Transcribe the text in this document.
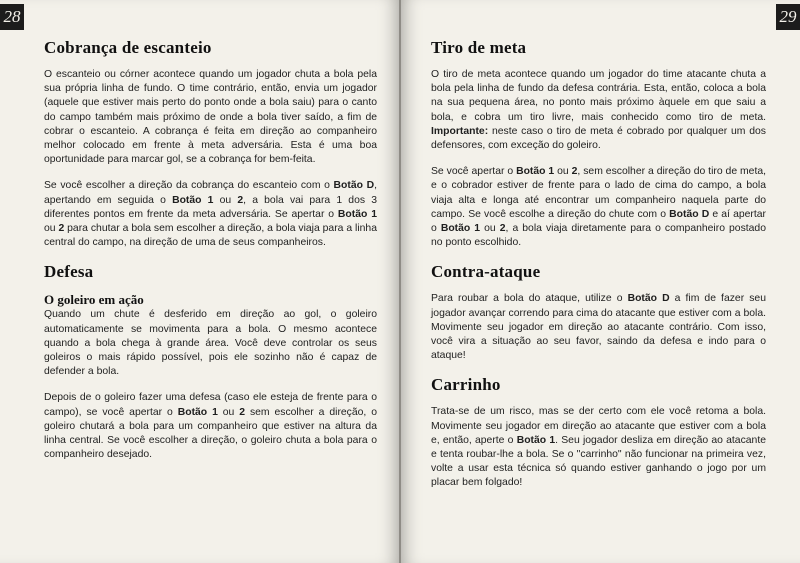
28
Cobrança de escanteio

O escanteio ou córner acontece quando um jogador chuta a bola pela sua própria linha de fundo. O time contrário, então, envia um jogador (aquele que estiver mais perto do ponto onde a bola saiu) para o canto do campo também mais próximo de onde a bola tiver saído, a fim de cobrar o escanteio. A cobrança é feita em direção ao companheiro melhor colocado em frente à meta adversária. Esta é uma boa oportunidade para marcar gol, se a cobrança for bem-feita.

Se você escolher a direção da cobrança do escanteio com o Botão D, apertando em seguida o Botão 1 ou 2, a bola vai para 1 dos 3 diferentes pontos em frente da meta adversária. Se apertar o Botão 1 ou 2 para chutar a bola sem escolher a direção, a bola viaja para a linha central do campo, na direção de uma de seus companheiros.

Defesa
O goleiro em ação

Quando um chute é desferido em direção ao gol, o goleiro automaticamente se movimenta para a bola. O mesmo acontece quando a bola chega à grande área. Você deve controlar os seus goleiros o mais rápido possível, pois ele sozinho não é capaz de defender a bola.

Depois de o goleiro fazer uma defesa (caso ele esteja de frente para o campo), se você apertar o Botão 1 ou 2 sem escolher a direção, o goleiro chutará a bola para um companheiro que estiver na altura da linha central. Se você escolher a direção, o goleiro chuta a bola para o companheiro desejado.

29
Tiro de meta

O tiro de meta acontece quando um jogador do time atacante chuta a bola pela linha de fundo da defesa contrária. Esta, então, coloca a bola na sua pequena área, no ponto mais próximo àquele em que saiu a bola, e cobra um tiro livre, mais conhecido como tiro de meta. Importante: neste caso o tiro de meta é cobrado por qualquer um dos defensores, com exceção do goleiro.

Se você apertar o Botão 1 ou 2, sem escolher a direção do tiro de meta, e o cobrador estiver de frente para o lado de cima do campo, a bola viaja alta e longa até encontrar um companheiro naquela parte do campo. Se você escolhe a direção do chute com o Botão D e aí apertar o Botão 1 ou 2, a bola viaja diretamente para o companheiro postado no ponto escolhido.

Contra-ataque

Para roubar a bola do ataque, utilize o Botão D a fim de fazer seu jogador avançar correndo para cima do atacante que estiver com a bola. Movimente seu jogador em direção ao atacante contrário. Com isso, você vira a situação ao seu favor, saindo da defesa e indo para o ataque!

Carrinho

Trata-se de um risco, mas se der certo com ele você retoma a bola. Movimente seu jogador em direção ao atacante que estiver com a bola e, então, aperte o Botão 1. Seu jogador desliza em direção ao atacante e tenta roubar-lhe a bola. Se o "carrinho" não funcionar na primeira vez, volte a usar esta técnica só quando estiver ganhando o jogo por um placar bem folgado!
